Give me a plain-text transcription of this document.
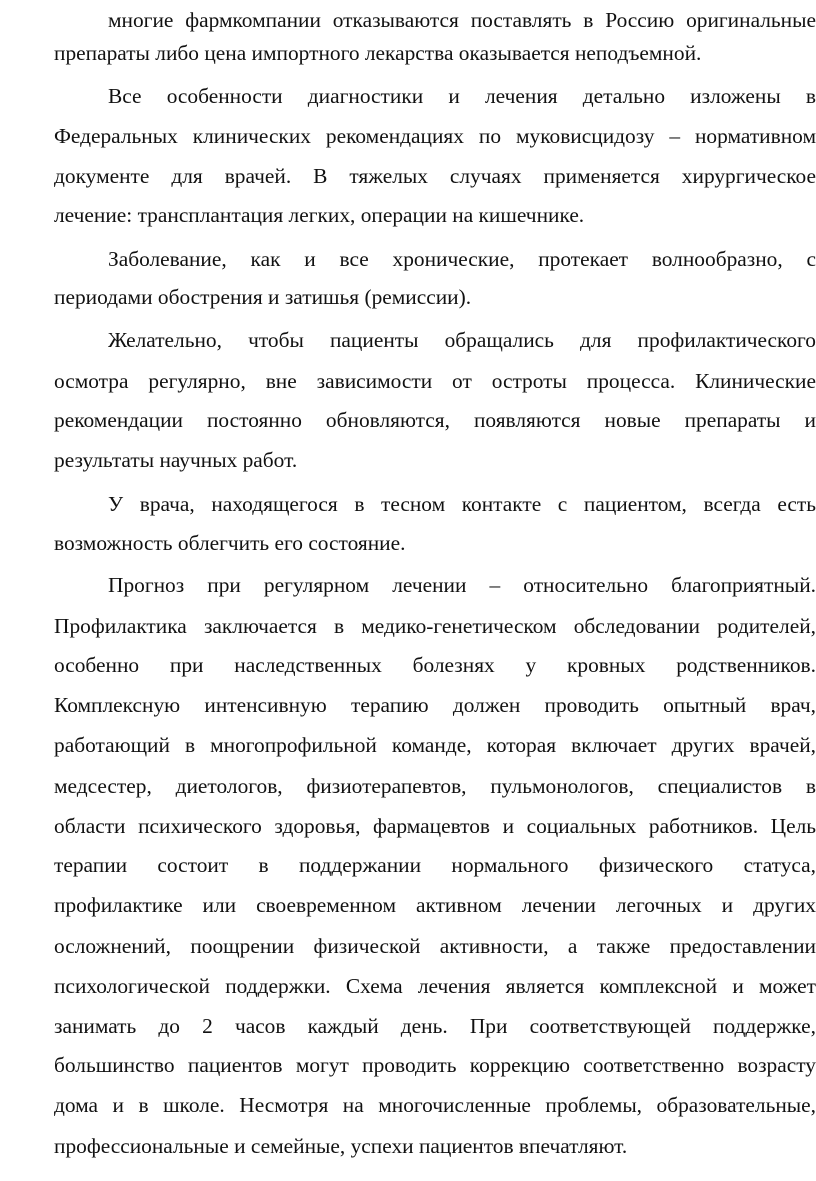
многие фармкомпании отказываются поставлять в Россию оригинальные
препараты либо цена импортного лекарства оказывается неподъемной.
Все особенности диагностики и лечения детально изложены в
Федеральных клинических рекомендациях по муковисцидозу – нормативном
документе для врачей. В тяжелых случаях применяется хирургическое
лечение: трансплантация легких, операции на кишечнике.
Заболевание, как и все хронические, протекает волнообразно, с
периодами обострения и затишья (ремиссии).
Желательно, чтобы пациенты обращались для профилактического
осмотра регулярно, вне зависимости от остроты процесса. Клинические
рекомендации постоянно обновляются, появляются новые препараты и
результаты научных работ.
У врача, находящегося в тесном контакте с пациентом, всегда есть
возможность облегчить его состояние.
Прогноз при регулярном лечении – относительно благоприятный.
Профилактика заключается в медико-генетическом обследовании родителей,
особенно при наследственных болезнях у кровных родственников.
Комплексную интенсивную терапию должен проводить опытный врач,
работающий в многопрофильной команде, которая включает других врачей,
медсестер, диетологов, физиотерапевтов, пульмонологов, специалистов в
области психического здоровья, фармацевтов и социальных работников. Цель
терапии состоит в поддержании нормального физического статуса,
профилактике или своевременном активном лечении легочных и других
осложнений, поощрении физической активности, а также предоставлении
психологической поддержки. Схема лечения является комплексной и может
занимать до 2 часов каждый день. При соответствующей поддержке,
большинство пациентов могут проводить коррекцию соответственно возрасту
дома и в школе. Несмотря на многочисленные проблемы, образовательные,
профессиональные и семейные, успехи пациентов впечатляют.
